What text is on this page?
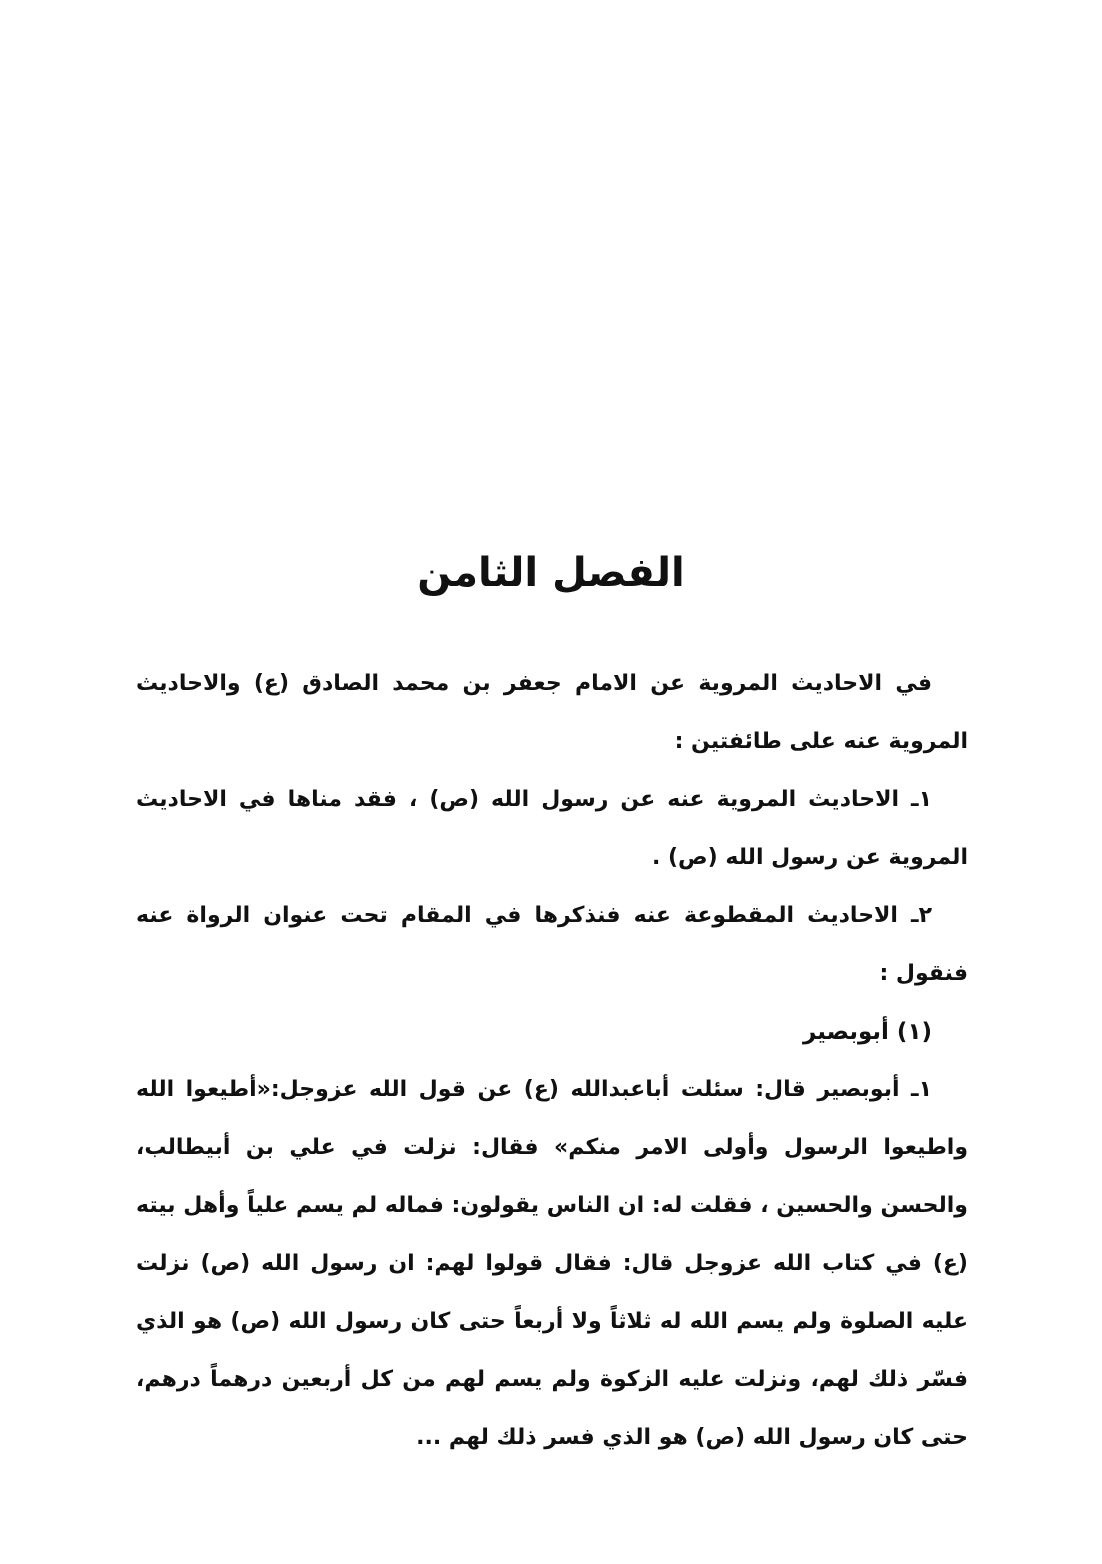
الفصل الثامن

في الاحاديث المروية عن الامام جعفر بن محمد الصادق (ع) والاحاديث المروية عنه على طائفتين :

١ـ الاحاديث المروية عنه عن رسول الله (ص) ، فقد مناها في الاحاديث المروية عن رسول الله (ص) .

٢ـ الاحاديث المقطوعة عنه فنذكرها في المقام تحت عنوان الرواة عنه فنقول :

(١) أبوبصير

١ـ أبوبصير قال: سئلت أباعبدالله (ع) عن قول الله عزوجل:«أطيعوا الله واطيعوا الرسول وأولى الامر منكم» فقال: نزلت في علي بن أبيطالب، والحسن والحسين ، فقلت له: ان الناس يقولون: فماله لم يسم علياً وأهل بيته (ع) في كتاب الله عزوجل قال: فقال قولوا لهم: ان رسول الله (ص) نزلت عليه الصلوة ولم يسم الله له ثلاثاً ولا أربعاً حتى كان رسول الله (ص) هو الذي فسّر ذلك لهم، ونزلت عليه الزكوة ولم يسم لهم من كل أربعين درهماً درهم، حتى كان رسول الله (ص) هو الذي فسر ذلك لهم ...
